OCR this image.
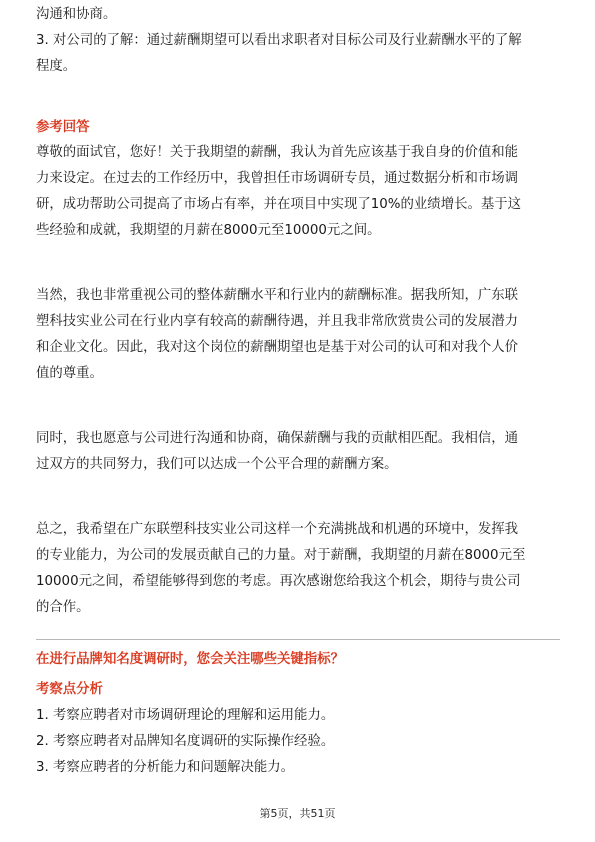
沟通和协商。
3. 对公司的了解：通过薪酬期望可以看出求职者对目标公司及行业薪酬水平的了解
程度。
参考回答
尊敬的面试官，您好！关于我期望的薪酬，我认为首先应该基于我自身的价值和能
力来设定。在过去的工作经历中，我曾担任市场调研专员，通过数据分析和市场调
研，成功帮助公司提高了市场占有率，并在项目中实现了10%的业绩增长。基于这
些经验和成就，我期望的月薪在8000元至10000元之间。
当然，我也非常重视公司的整体薪酬水平和行业内的薪酬标准。据我所知，广东联
塑科技实业公司在行业内享有较高的薪酬待遇，并且我非常欣赏贵公司的发展潜力
和企业文化。因此，我对这个岗位的薪酬期望也是基于对公司的认可和对我个人价
值的尊重。
同时，我也愿意与公司进行沟通和协商，确保薪酬与我的贡献相匹配。我相信，通
过双方的共同努力，我们可以达成一个公平合理的薪酬方案。
总之，我希望在广东联塑科技实业公司这样一个充满挑战和机遇的环境中，发挥我
的专业能力，为公司的发展贡献自己的力量。对于薪酬，我期望的月薪在8000元至
10000元之间，希望能够得到您的考虑。再次感谢您给我这个机会，期待与贵公司
的合作。
在进行品牌知名度调研时，您会关注哪些关键指标？
考察点分析
1. 考察应聘者对市场调研理论的理解和运用能力。
2. 考察应聘者对品牌知名度调研的实际操作经验。
3. 考察应聘者的分析能力和问题解决能力。
第5页，共51页
